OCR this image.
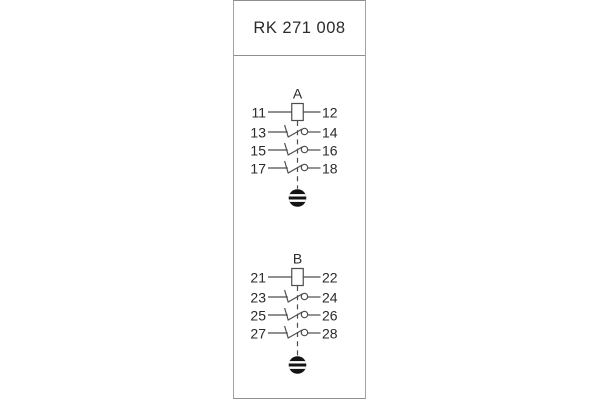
RK 271 008
A
11	12
13	14
15	16
17	18
B
21	22
23	24
25	26
27	28
